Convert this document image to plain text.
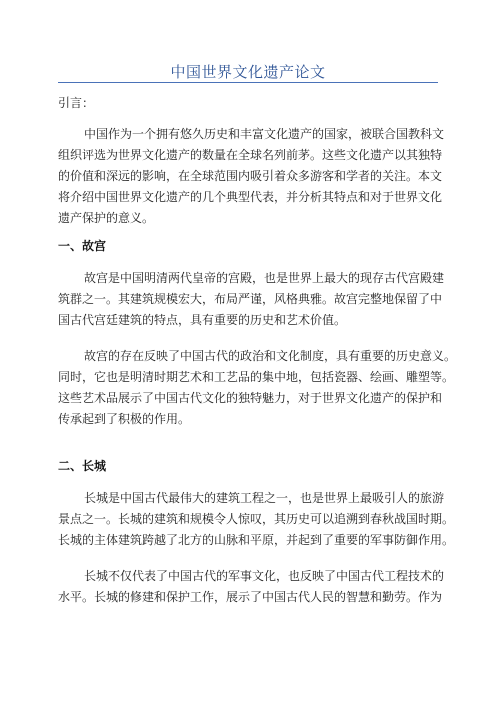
中国世界文化遗产论文

引言：

中国作为一个拥有悠久历史和丰富文化遗产的国家，被联合国教科文
组织评选为世界文化遗产的数量在全球名列前茅。这些文化遗产以其独特
的价值和深远的影响，在全球范围内吸引着众多游客和学者的关注。本文
将介绍中国世界文化遗产的几个典型代表，并分析其特点和对于世界文化
遗产保护的意义。

一、故宫

故宫是中国明清两代皇帝的宫殿，也是世界上最大的现存古代宫殿建
筑群之一。其建筑规模宏大，布局严谨，风格典雅。故宫完整地保留了中
国古代宫廷建筑的特点，具有重要的历史和艺术价值。

故宫的存在反映了中国古代的政治和文化制度，具有重要的历史意义。
同时，它也是明清时期艺术和工艺品的集中地，包括瓷器、绘画、雕塑等。
这些艺术品展示了中国古代文化的独特魅力，对于世界文化遗产的保护和
传承起到了积极的作用。

二、长城

长城是中国古代最伟大的建筑工程之一，也是世界上最吸引人的旅游
景点之一。长城的建筑和规模令人惊叹，其历史可以追溯到春秋战国时期。
长城的主体建筑跨越了北方的山脉和平原，并起到了重要的军事防御作用。

长城不仅代表了中国古代的军事文化，也反映了中国古代工程技术的
水平。长城的修建和保护工作，展示了中国古代人民的智慧和勤劳。作为
